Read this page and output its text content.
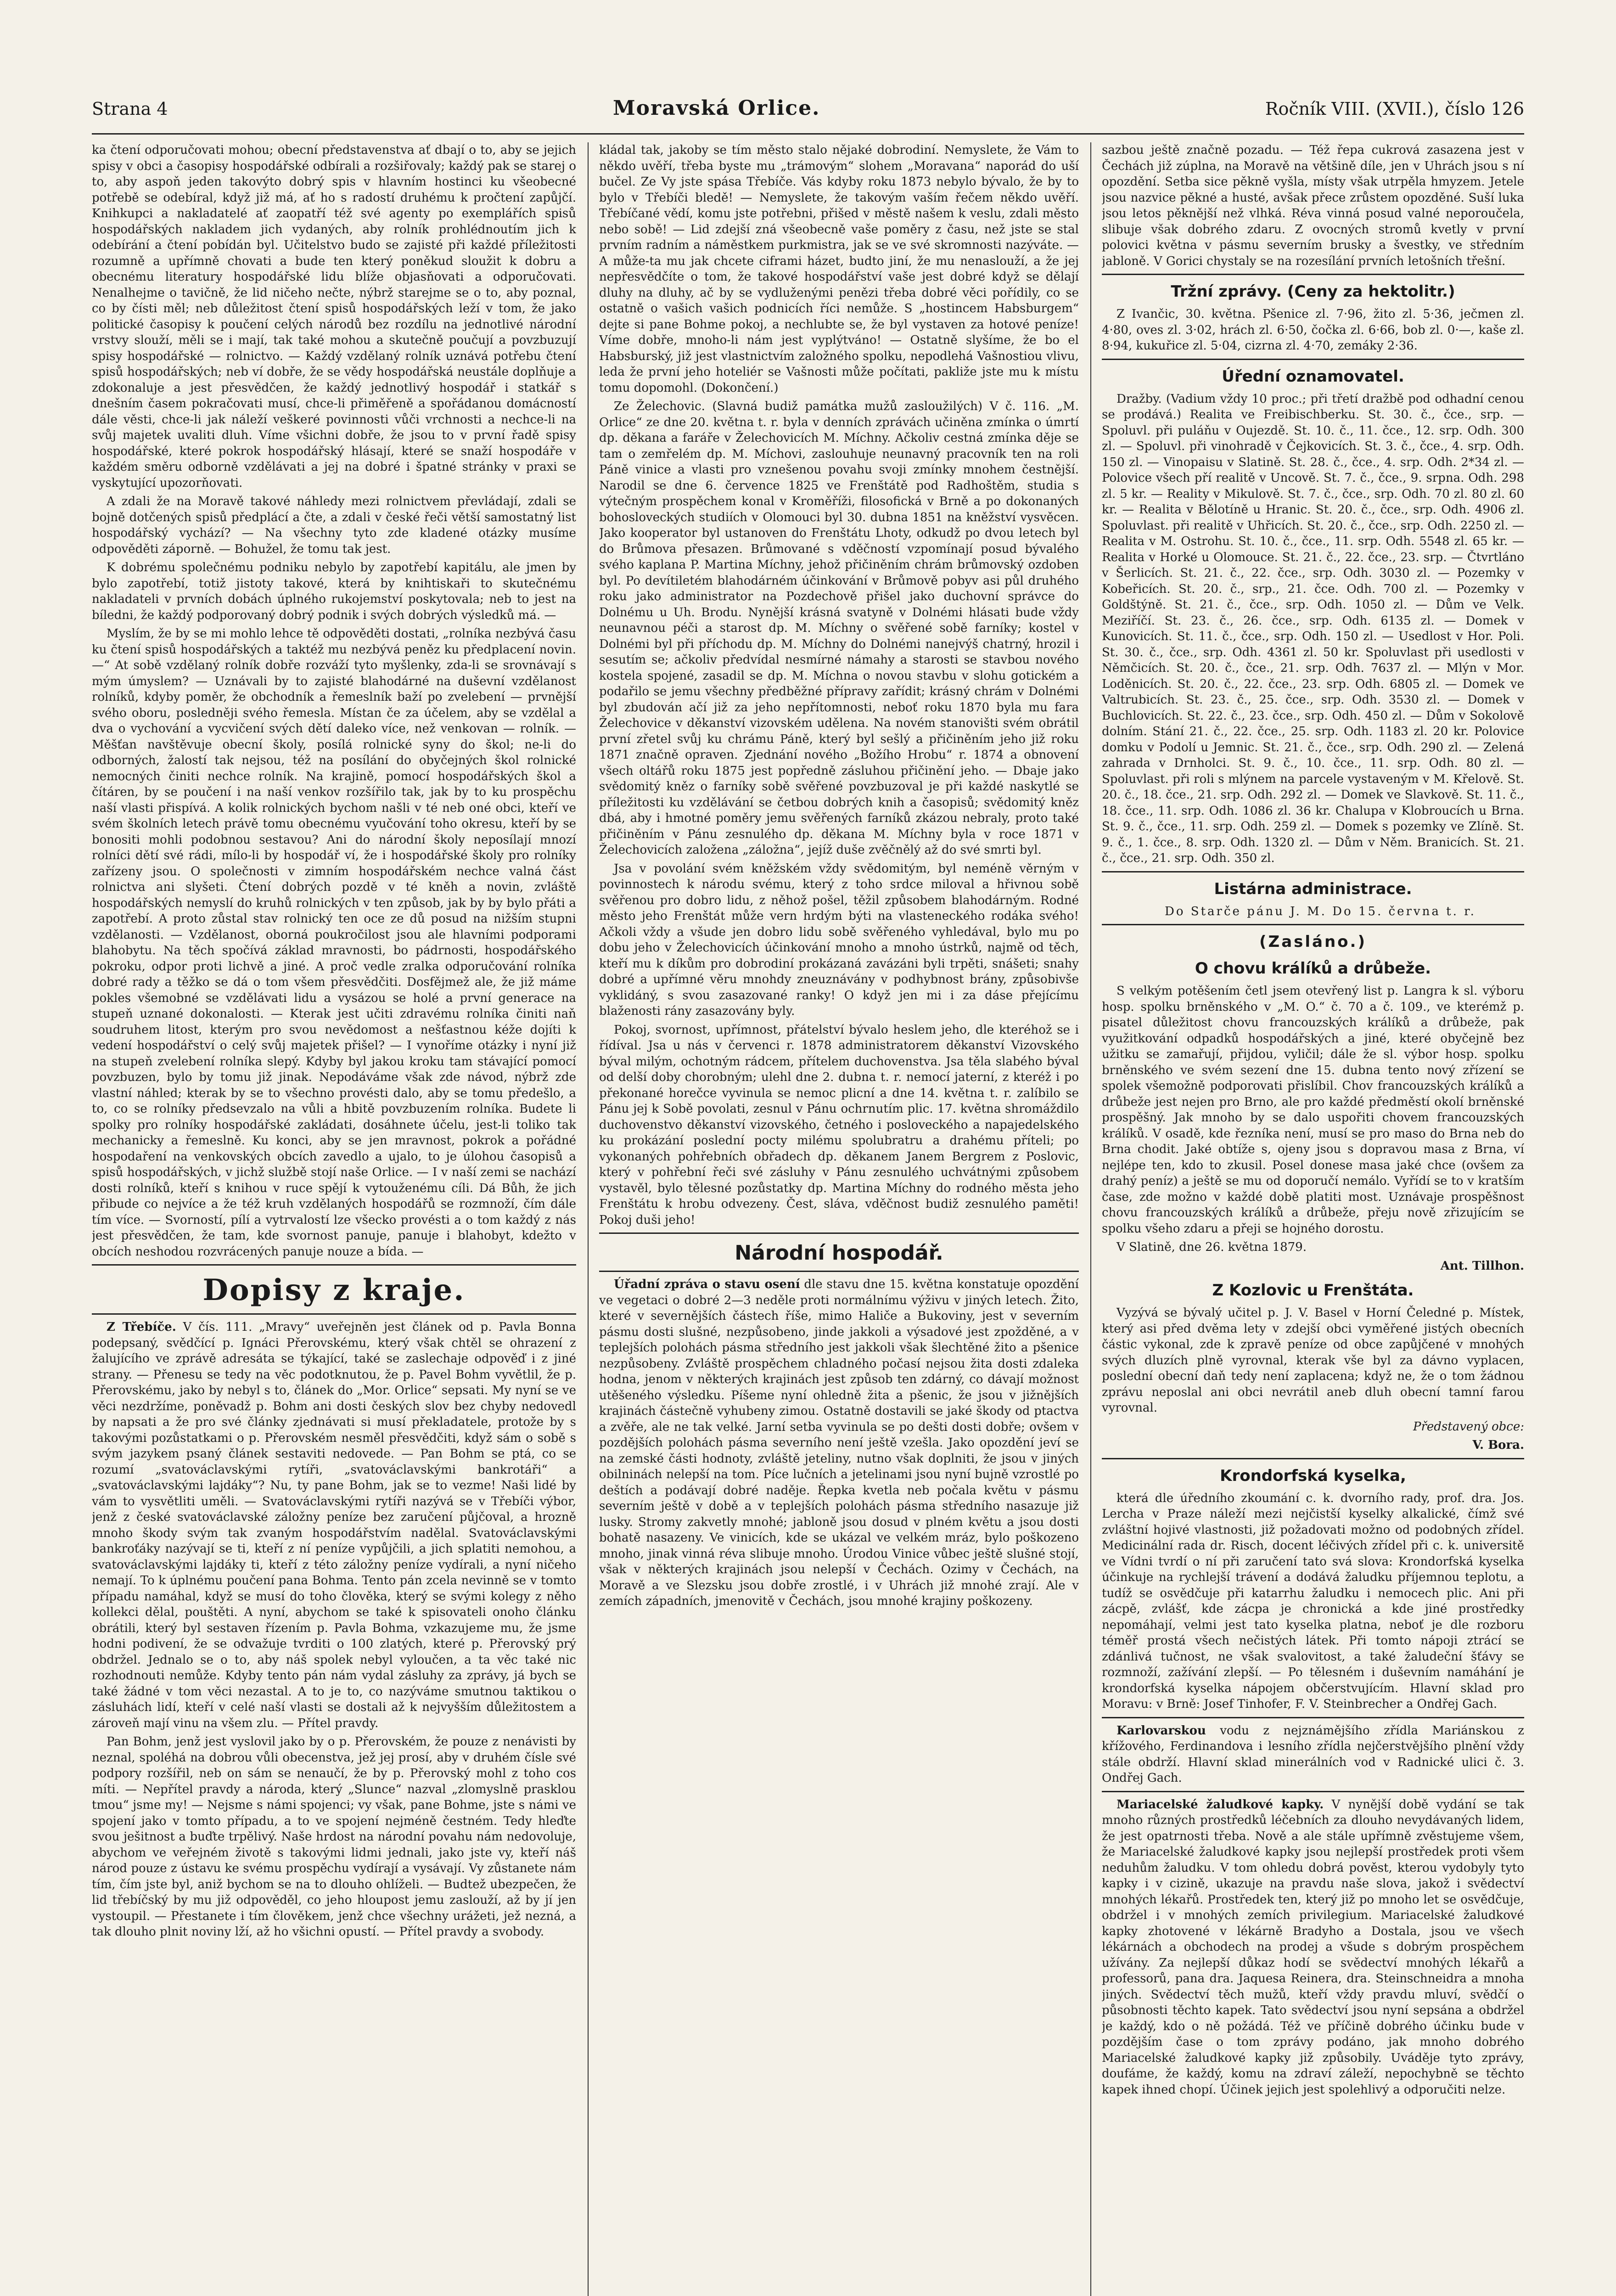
Strana 4	Moravská Orlice.	Ročník VIII. (XVII.), číslo 126

ka čtení odporučovati mohou; obecní představenstva ať dbají o to, aby se jejich spisy v obci a časopisy hospodářské odbírali a rozšiřovaly; každý pak se starej o to, aby aspoň jeden takovýto dobrý spis v hlavním hostinci ku všeobecné potřebě se odebíral, když již má, ať ho s radostí druhému k pročtení zapůjčí. Knihkupci a nakladatelé ať zaopatří též své agenty po exemplářích spisů hospodářských nakladem jich vydaných, aby rolník prohlédnoutím jich k odebírání a čtení pobídán byl. Učitelstvo budo se zajisté při každé příležitosti rozumně a upřímně chovati a bude ten který poněkud sloužit k dobru a obecnému literatury hospodářské lidu blíže objasňovati a odporučovati. Nenalhejme o tavičně, že lid ničeho nečte, nýbrž starejme se o to, aby poznal, co by čísti měl; neb důležitost čtení spisů hospodářských leží v tom, že jako politické časopisy k poučení celých národů bez rozdílu na jednotlivé národní vrstvy slouží, měli se i mají, tak také mohou a skutečně poučují a povzbuzují spisy hospodářské — rolnictvo. — Každý vzdělaný rolník uznává potřebu čtení spisů hospodářských; neb ví dobře, že se vědy hospodářská neustále doplňuje a zdokonaluje a jest přesvědčen, že každý jednotlivý hospodář i statkář s dnešním časem pokračovati musí, chce-li přiměřeně a spořádanou domácností dále věsti, chce-li jak náleží veškeré povinnosti vůči vrchnosti a nechce-li na svůj majetek uvaliti dluh. Víme všichni dobře, že jsou to v první řadě spisy hospodářské, které pokrok hospodářský hlásají, které se snaží hospodáře v každém směru odborně vzdělávati a jej na dobré i špatné stránky v praxi se vyskytující upozorňovati.

A zdali že na Moravě takové náhledy mezi rolnictvem převládají, zdali se bojně dotčených spisů předplácí a čte, a zdali v české řeči větší samostatný list hospodářský vychází? — Na všechny tyto zde kladené otázky musíme odpověděti záporně. — Bohužel, že tomu tak jest.

K dobrému společnému podniku nebylo by zapotřebí kapitálu, ale jmen by bylo zapotřebí, totiž jistoty takové, která by knihtiskaři to skutečnému nakladateli v prvních dobách úplného rukojemství poskytovala; neb to jest na bíledni, že každý podporovaný dobrý podnik i svých dobrých výsledků má. —

Myslím, že by se mi mohlo lehce tě odpověděti dostati, „rolníka nezbývá času ku čtení spisů hospodářských a taktéž mu nezbývá peněz ku předplacení novin. —“ At sobě vzdělaný rolník dobře rozváží tyto myšlenky, zda-li se srovnávají s mým úmyslem? — Uznávali by to zajisté blahodárné na duševní vzdělanost rolníků, kdyby poměr, že obchodník a řemeslník baží po zvelebení — prvnější svého oboru, posledněji svého řemesla. Místan če za účelem, aby se vzdělal a dva o vychování a vycvičení svých dětí daleko více, než venkovan — rolník. — Měšťan navštěvuje obecní školy, posílá rolnické syny do škol; ne-li do odborných, žalostí tak nejsou, též na posílání do obyčejných škol rolnické nemocných činiti nechce rolník. Na krajině, pomocí hospodářských škol a čítáren, by se poučení i na naší venkov rozšířilo tak, jak by to ku prospěchu naší vlasti přispívá. A kolik rolnických bychom našli v té neb oné obci, kteří ve svém školních letech právě tomu obecnému vyučování toho okresu, kteří by se bonositi mohli podobnou sestavou? Ani do národní školy neposílají mnozí rolníci dětí své rádi, mílo-li by hospodář ví, že i hospodářské školy pro rolníky zařízeny jsou. O společnosti v zimním hospodářském nechce valná část rolnictva ani slyšeti. Čtení dobrých pozdě v té kněh a novin, zvláště hospodářských nemyslí do kruhů rolnických v ten způsob, jak by by bylo přáti a zapotřebí. A proto zůstal stav rolnický ten oce ze dů posud na nižším stupni vzdělanosti. — Vzdělanost, oborná poukročilost jsou ale hlavními podporami blahobytu. Na těch spočívá základ mravnosti, bo pádrnosti, hospodářského pokroku, odpor proti lichvě a jiné. A proč vedle zralka odporučování rolníka dobré rady a těžko se dá o tom všem přesvědčiti. Dosfějmež ale, že již máme pokles všemobné se vzdělávati lidu a vysázou se holé a první generace na stupeň uznané dokonalosti. — Kterak jest učiti zdravému rolníka činiti naň soudruhem litost, kterým pro svou nevědomost a nešťastnou kéže dojíti k vedení hospodářství o celý svůj majetek přišel? — I vynoříme otázky i nyní již na stupeň zvelebení rolníka slepý. Kdyby byl jakou kroku tam stávající pomocí povzbuzen, bylo by tomu již jinak. Nepodáváme však zde návod, nýbrž zde vlastní náhled; kterak by se to všechno provésti dalo, aby se tomu předešlo, a to, co se rolníky předsevzalo na vůli a hbitě povzbuzením rolníka. Budete li spolky pro rolníky hospodářské zakládati, dosáhnete účelu, jest-li toliko tak mechanicky a řemeslně. Ku konci, aby se jen mravnost, pokrok a pořádné hospodaření na venkovských obcích zavedlo a ujalo, to je úlohou časopisů a spisů hospodářských, v jichž službě stojí naše Orlice. — I v naší zemi se nachází dosti rolníků, kteří s knihou v ruce spějí k vytouženému cíli. Dá Bůh, že jich přibude co nejvíce a že též kruh vzdělaných hospodářů se rozmnoží, čím dále tím více. — Svorností, pílí a vytrvalostí lze všecko provésti a o tom každý z nás jest přesvědčen, že tam, kde svornost panuje, panuje i blahobyt, kdežto v obcích neshodou rozvrácených panuje nouze a bída. —

Dopisy z kraje.

Z Třebíče. V čís. 111. „Mravy“ uveřejněn jest článek od p. Pavla Bonna podepsaný, svědčící p. Ignáci Přerovskému, který však chtěl se ohrazení z žalujícího ve zprávě adresáta se týkající, také se zaslechaje odpověď i z jiné strany. — Přenesu se tedy na věc podotknutou, že p. Pavel Bohm vyvětlil, že p. Přerovskému, jako by nebyl s to, článek do „Mor. Orlice“ sepsati. My nyní se ve věci nezdržíme, poněvadž p. Bohm ani dosti českých slov bez chyby nedovedl by napsati a že pro své články zjednávati si musí překladatele, protože by s takovými pozůstatkami o p. Přerovském nesměl přesvědčiti, když sám o sobě s svým jazykem psaný článek sestaviti nedovede. — Pan Bohm se ptá, co se rozumí „svatováclavskými rytíři, „svatováclavskými bankrotáři“ a „svatováclavskými lajdáky“? Nu, ty pane Bohm, jak se to vezme! Naši lidé by vám to vysvětliti uměli. — Svatováclavskými rytíři nazývá se v Třebíči výbor, jenž z české svatováclavské záložny peníze bez zaručení půjčoval, a hrozně mnoho škody svým tak zvaným hospodářstvím nadělal. Svatováclavskými bankroťáky nazývají se ti, kteří z ní peníze vypůjčili, a jich splatiti nemohou, a svatováclavskými lajdáky ti, kteří z této záložny peníze vydírali, a nyní ničeho nemají. To k úplnému poučení pana Bohma. Tento pán zcela nevinně se v tomto případu namáhal, když se musí do toho člověka, který se svými kolegy z něho kollekci dělal, pouštěti. A nyní, abychom se také k spisovateli onoho článku obrátili, který byl sestaven řízením p. Pavla Bohma, vzkazujeme mu, že jsme hodni podivení, že se odvažuje tvrditi o 100 zlatých, které p. Přerovský prý obdržel. Jednalo se o to, aby náš spolek nebyl vyloučen, a ta věc také nic rozhodnouti nemůže. Kdyby tento pán nám vydal zásluhy za zprávy, já bych se také žádné v tom věci nezastal. A to je to, co nazýváme smutnou taktikou o zásluhách lidí, kteří v celé naší vlasti se dostali až k nejvyšším důležitostem a zároveň mají vinu na všem zlu. — Přítel pravdy.

Pan Bohm, jenž jest vyslovil jako by o p. Přerovském, že pouze z nenávisti by neznal, spoléhá na dobrou vůli obecenstva, jež jej prosí, aby v druhém čísle své podpory rozšířil, neb on sám se nenaučí, že by p. Přerovský mohl z toho cos míti. — Nepřítel pravdy a národa, který „Slunce“ nazval „zlomyslně prasklou tmou“ jsme my! — Nejsme s námi spojenci; vy však, pane Bohme, jste s námi ve spojení jako v tomto případu, a to ve spojení nejméně čestném. Tedy hleďte svou ješitnost a buďte trpělivý. Naše hrdost na národní povahu nám nedovoluje, abychom ve veřejném životě s takovými lidmi jednali, jako jste vy, kteří náš národ pouze z ústavu ke svému prospěchu vydírají a vysávají. Vy zůstanete nám tím, čím jste byl, aniž bychom se na to dlouho ohlíželi. — Budtež ubezpečen, že lid třebíčský by mu již odpověděl, co jeho hloupost jemu zaslouží, až by jí jen vystoupil. — Přestanete i tím člověkem, jenž chce všechny urážeti, jež nezná, a tak dlouho plnit noviny lží, až ho všichni opustí. — Přítel pravdy a svobody.

kládal tak, jakoby se tím město stalo nějaké dobrodiní. Nemyslete, že Vám to někdo uvěří, třeba byste mu „trámovým“ slohem „Moravana“ naporád do uší bučel. Ze Vy jste spása Třebíče. Vás kdyby roku 1873 nebylo bývalo, že by to bylo v Třebíči bledě! — Nemyslete, že takovým vaším řečem někdo uvěří. Třebíčané vědí, komu jste potřebni, přišed v městě našem k veslu, zdali město nebo sobě! — Lid zdejší zná všeobecně vaše poměry z času, než jste se stal prvním radním a náměstkem purkmistra, jak se ve své skromnosti nazýváte. — A může-ta mu jak chcete ciframi házet, budto jiní, že mu nenaslouží, a že jej nepřesvědčíte o tom, že takové hospodářství vaše jest dobré když se dělají dluhy na dluhy, ač by se vydluženými penězi třeba dobré věci pořídily, co se ostatně o vašich vašich podnicích říci nemůže. S „hostincem Habsburgem“ dejte si pane Bohme pokoj, a nechlubte se, že byl vystaven za hotové peníze! Víme dobře, mnoho-li nám jest vyplýtváno! — Ostatně slyšíme, že bo el Habsburský, již jest vlastnictvím založného spolku, nepodlehá Vašnostiou vlivu, leda že první jeho hoteliér se Vašnosti může počítati, pakliže jste mu k místu tomu dopomohl. (Dokončení.)

Ze Želechovic. (Slavná budiž památka mužů zasloužilých) V č. 116. „M. Orlice“ ze dne 20. května t. r. byla v denních zprávách učiněna zmínka o úmrtí dp. děkana a faráře v Želechovicích M. Míchny. Ačkoliv cestná zmínka děje se tam o zemřelém dp. M. Míchovi, zaslouhuje neunavný pracovník ten na roli Páně vinice a vlasti pro vznešenou povahu svoji zmínky mnohem čestnější. Narodil se dne 6. července 1825 ve Frenštátě pod Radhoštěm, studia s výtečným prospěchem konal v Kroměříži, filosofická v Brně a po dokonaných bohosloveckých studiích v Olomouci byl 30. dubna 1851 na kněžství vysvěcen. Jako kooperator byl ustanoven do Frenštátu Lhoty, odkudž po dvou letech byl do Brůmova přesazen. Brůmované s vděčností vzpomínají posud bývalého svého kaplana P. Martina Míchny, jehož přičiněním chrám brůmovský ozdoben byl. Po devítiletém blahodárném účinkování v Brůmově pobyv asi půl druhého roku jako administrator na Pozdechově přišel jako duchovní správce do Dolnému u Uh. Brodu. Nynější krásná svatyně v Dolnémi hlásati bude vždy neunavnou péči a starost dp. M. Míchny o svěřené sobě farníky; kostel v Dolnémi byl při příchodu dp. M. Míchny do Dolnémi nanejvýš chatrný, hrozil i sesutím se; ačkoliv předvídal nesmírné námahy a starosti se stavbou nového kostela spojené, zasadil se dp. M. Míchna o novou stavbu v slohu gotickém a podařilo se jemu všechny předběžné přípravy zařídit; krásný chrám v Dolnémi byl zbudován ačí již za jeho nepřítomnosti, neboť roku 1870 byla mu fara Želechovice v děkanství vizovském udělena. Na novém stanovišti svém obrátil první zřetel svůj ku chrámu Páně, který byl sešlý a přičiněním jeho již roku 1871 značně opraven. Zjednání nového „Božího Hrobu“ r. 1874 a obnovení všech oltářů roku 1875 jest popředně zásluhou přičinění jeho. — Dbaje jako svědomitý kněz o farníky sobě svěřené povzbuzoval je při každé naskytlé se příležitosti ku vzdělávání se četbou dobrých knih a časopisů; svědomitý kněz dbá, aby i hmotné poměry jemu svěřených farníků zkázou nebraly, proto také přičiněním v Pánu zesnulého dp. děkana M. Míchny byla v roce 1871 v Želechovicích založena „záložna“, jejíž duše zvěčnělý až do své smrti byl.

Jsa v povolání svém kněžském vždy svědomitým, byl neméně věrným v povinnostech k národu svému, který z toho srdce miloval a hřivnou sobě svěřenou pro dobro lidu, z něhož pošel, těžil způsobem blahodárným. Rodné město jeho Frenštát může vern hrdým býti na vlasteneckého rodáka svého! Ačkoli vždy a všude jen dobro lidu sobě svěřeného vyhledával, bylo mu po dobu jeho v Želechovicích účinkování mnoho a mnoho ústrků, najmě od těch, kteří mu k díkům pro dobrodiní prokázaná zavázáni byli trpěti, snášeti; snahy dobré a upřímné věru mnohdy zneuznávány v podhybnost brány, způsobivše vyklidáný, s svou zasazované ranky! O když jen mi i za dáse přejícímu blaženosti rány zasazovány byly.

Pokoj, svornost, upřímnost, přátelství bývalo heslem jeho, dle kteréhož se i řídíval. Jsa u nás v červenci r. 1878 administratorem děkanství Vizovského býval milým, ochotným rádcem, přítelem duchovenstva. Jsa těla slabého býval od delší doby chorobným; ulehl dne 2. dubna t. r. nemocí jaterní, z kteréž i po překonané horečce vyvinula se nemoc plicní a dne 14. května t. r. zalíbilo se Pánu jej k Sobě povolati, zesnul v Pánu ochrnutím plic. 17. května shromáždilo duchovenstvo děkanství vizovského, četného i posloveckého a napajedelského ku prokázání poslední pocty milému spolubratru a drahému příteli; po vykonaných pohřebních obřadech dp. děkanem Janem Bergrem z Poslovic, který v pohřební řeči své zásluhy v Pánu zesnulého uchvátnými způsobem vystavěl, bylo tělesné pozůstatky dp. Martina Míchny do rodného města jeho Frenštátu k hrobu odvezeny. Čest, sláva, vděčnost budiž zesnulého paměti! Pokoj duši jeho!

Národní hospodář.

Úřadní zpráva o stavu osení dle stavu dne 15. května konstatuje opozdění ve vegetaci o dobré 2—3 neděle proti normálnímu výživu v jiných letech. Žito, které v severnějších částech říše, mimo Haliče a Bukoviny, jest v severním pásmu dosti slušné, nezpůsobeno, jinde jakkoli a výsadové jest zpožděné, a v teplejších polohách pásma středního jest jakkoli však šlechtěné žito a pšenice nezpůsobeny. Zvláště prospěchem chladného počasí nejsou žita dosti zdaleka hodna, jenom v některých krajinách jest způsob ten zdárný, co dávají možnost utěšeného výsledku. Píšeme nyní ohledně žita a pšenic, že jsou v jižnějších krajinách částečně vyhubeny zimou. Ostatně dostavili se jaké škody od ptactva a zvěře, ale ne tak velké. Jarní setba vyvinula se po dešti dosti dobře; ovšem v pozdějších polohách pásma severního není ještě vzešla. Jako opozdění jeví se na zemské části hodnoty, zvláště jeteliny, nutno však doplniti, že jsou v jiných obilninách nelepší na tom. Píce lučních a jetelinami jsou nyní bujně vzrostlé po deštích a podávají dobré naděje. Řepka kvetla neb počala květu v pásmu severním ještě v době a v teplejších polohách pásma středního nasazuje již lusky. Stromy zakvetly mnohé; jabloně jsou dosud v plném květu a jsou dosti bohatě nasazeny. Ve vinicích, kde se ukázal ve velkém mráz, bylo poškozeno mnoho, jinak vinná réva slibuje mnoho. Úrodou Vinice vůbec ještě slušné stojí, však v některých krajinách jsou nelepší v Čechách. Ozimy v Čechách, na Moravě a ve Slezsku jsou dobře zrostlé, i v Uhrách již mnohé zrají. Ale v zemích západních, jmenovitě v Čechách, jsou mnohé krajiny poškozeny.

sazbou ještě značně pozadu. — Též řepa cukrová zasazena jest v Čechách již zúplna, na Moravě na většině díle, jen v Uhrách jsou s ní opozdění. Setba sice pěkně vyšla, místy však utrpěla hmyzem. Jetele jsou nazvice pěkné a husté, avšak přece zrůstem opozděné. Suší luka jsou letos pěknější než vlhká. Réva vinná posud valné neporoučela, slibuje však dobrého zdaru. Z ovocných stromů kvetly v první polovici května v pásmu severním brusky a švestky, ve středním jabloně. V Gorici chystaly se na rozesílání prvních letošních třešní.

Tržní zprávy. (Ceny za hektolitr.)

Z Ivančic, 30. května. Pšenice zl. 7·96, žito zl. 5·36, ječmen zl. 4·80, oves zl. 3·02, hrách zl. 6·50, čočka zl. 6·66, bob zl. 0·—, kaše zl. 8·94, kukuřice zl. 5·04, cizrna zl. 4·70, zemáky 2·36.

Úřední oznamovatel.

Dražby. (Vadium vždy 10 proc.; při třetí dražbě pod odhadní cenou se prodává.) Realita ve Freibischberku. St. 30. č., čce., srp. — Spoluvl. při puláňu v Oujezdě. St. 10. č., 11. čce., 12. srp. Odh. 300 zl. — Spoluvl. při vinohradě v Čejkovicích. St. 3. č., čce., 4. srp. Odh. 150 zl. — Vinopaisu v Slatině. St. 28. č., čce., 4. srp. Odh. 2*34 zl. — Polovice všech pří realitě v Uncově. St. 7. č., čce., 9. srpna. Odh. 298 zl. 5 kr. — Reality v Mikulově. St. 7. č., čce., srp. Odh. 70 zl. 80 zl. 60 kr. — Realita v Bělotíně u Hranic. St. 20. č., čce., srp. Odh. 4906 zl. Spoluvlast. při realitě v Uhřicích. St. 20. č., čce., srp. Odh. 2250 zl. — Realita v M. Ostrohu. St. 10. č., čce., 11. srp. Odh. 5548 zl. 65 kr. — Realita v Horké u Olomouce. St. 21. č., 22. čce., 23. srp. — Čtvrtláno v Šerlicích. St. 21. č., 22. čce., srp. Odh. 3030 zl. — Pozemky v Kobeřicích. St. 20. č., srp., 21. čce. Odh. 700 zl. — Pozemky v Goldštýně. St. 21. č., čce., srp. Odh. 1050 zl. — Dům ve Velk. Meziříčí. St. 23. č., 26. čce., srp. Odh. 6135 zl. — Domek v Kunovicích. St. 11. č., čce., srp. Odh. 150 zl. — Usedlost v Hor. Poli. St. 30. č., čce., srp. Odh. 4361 zl. 50 kr. Spoluvlast při usedlosti v Němčicích. St. 20. č., čce., 21. srp. Odh. 7637 zl. — Mlýn v Mor. Loděnicích. St. 20. č., 22. čce., 23. srp. Odh. 6805 zl. — Domek ve Valtrubicích. St. 23. č., 25. čce., srp. Odh. 3530 zl. — Domek v Buchlovicích. St. 22. č., 23. čce., srp. Odh. 450 zl. — Dům v Sokolově dolním. Stání 21. č., 22. čce., 25. srp. Odh. 1183 zl. 20 kr. Polovice domku v Podolí u Jemnic. St. 21. č., čce., srp. Odh. 290 zl. — Zelená zahrada v Drnholci. St. 9. č., 10. čce., 11. srp. Odh. 80 zl. — Spoluvlast. při roli s mlýnem na parcele vystaveným v M. Křelově. St. 20. č., 18. čce., 21. srp. Odh. 292 zl. — Domek ve Slavkově. St. 11. č., 18. čce., 11. srp. Odh. 1086 zl. 36 kr. Chalupa v Klobroucích u Brna. St. 9. č., čce., 11. srp. Odh. 259 zl. — Domek s pozemky ve Zlíně. St. 9. č., 1. čce., 8. srp. Odh. 1320 zl. — Dům v Něm. Branicích. St. 21. č., čce., 21. srp. Odh. 350 zl.

Listárna administrace.

Do Starče pánu J. M. Do 15. června t. r.

(Zasláno.)
O chovu králíků a drůbeže.

S velkým potěšením četl jsem otevřený list p. Langra k sl. výboru hosp. spolku brněnského v „M. O.“ č. 70 a č. 109., ve kterémž p. pisatel důležitost chovu francouzských králíků a drůbeže, pak využitkování odpadků hospodářských a jiné, které obyčejně bez užitku se zamařují, přijdou, vyličil; dále že sl. výbor hosp. spolku brněnského ve svém sezení dne 15. dubna tento nový zřízení se spolek všemožně podporovati přislíbil. Chov francouzských králíků a drůbeže jest nejen pro Brno, ale pro každé předměstí okolí brněnské prospěšný. Jak mnoho by se dalo uspořiti chovem francouzských králíků. V osadě, kde řezníka není, musí se pro maso do Brna neb do Brna chodit. Jaké obtíže s, ojeny jsou s dopravou masa z Brna, ví nejlépe ten, kdo to zkusil. Posel donese masa jaké chce (ovšem za drahý peníz) a ještě se mu od doporučí nemálo. Vyřídí se to v kratším čase, zde možno v každé době platiti most. Uznávaje prospěšnost chovu francouzských králíků a drůbeže, přeju nově zřizujícím se spolku všeho zdaru a přeji se hojného dorostu.

V Slatině, dne 26. května 1879.

Ant. Tillhon.

Z Kozlovic u Frenštáta.

Vyzývá se bývalý učitel p. J. V. Basel v Horní Čeledné p. Místek, který asi před dvěma lety v zdejší obci vyměřené jistých obecních částic vykonal, zde k zpravě peníze od obce zapůjčené v mnohých svých dluzích plně vyrovnal, kterak vše byl za dávno vyplacen, poslední obecní daň tedy není zaplacena; když ne, že o tom žádnou zprávu neposlal ani obci nevrátil aneb dluh obecní tamní farou vyrovnal.

Představený obce:

V. Bora.

Krondorfská kyselka,

která dle úředního zkoumání c. k. dvorního rady, prof. dra. Jos. Lercha v Praze náleží mezi nejčistší kyselky alkalické, čímž své zvláštní hojivé vlastnosti, již požadovati možno od podobných zřídel. Medicinální rada dr. Risch, docent léčivých zřídel při c. k. universitě ve Vídni tvrdí o ní při zaručení tato svá slova: Krondorfská kyselka účinkuje na rychlejší trávení a dodává žaludku příjemnou teplotu, a tudíž se osvědčuje při katarrhu žaludku i nemocech plic. Ani při zácpě, zvlášť, kde zácpa je chronická a kde jiné prostředky nepomáhají, velmi jest tato kyselka platna, neboť je dle rozboru téměř prostá všech nečistých látek. Při tomto nápoji ztrácí se zdánlivá tučnost, ne však svalovitost, a také žaludeční šťávy se rozmnoží, zažívání zlepší. — Po tělesném i duševním namáhání je krondorfská kyselka nápojem občerstvujícím. Hlavní sklad pro Moravu: v Brně: Josef Tinhofer, F. V. Steinbrecher a Ondřej Gach.

Karlovarskou vodu z nejznámějšího zřídla Mariánskou z křížového, Ferdinandova i lesního zřídla nejčerstvějšího plnění vždy stále obdrží. Hlavní sklad minerálních vod v Radnické ulici č. 3. Ondřej Gach.

Mariacelské žaludkové kapky. V nynější době vydání se tak mnoho různých prostředků léčebních za dlouho nevydávaných lidem, že jest opatrnosti třeba. Nově a ale stále upřímně zvěstujeme všem, že Mariacelské žaludkové kapky jsou nejlepší prostředek proti všem neduhům žaludku. V tom ohledu dobrá pověst, kterou vydobyly tyto kapky i v cizině, ukazuje na pravdu naše slova, jakož i svědectví mnohých lékařů. Prostředek ten, který již po mnoho let se osvědčuje, obdržel i v mnohých zemích privilegium. Mariacelské žaludkové kapky zhotovené v lékárně Bradyho a Dostala, jsou ve všech lékárnách a obchodech na prodej a všude s dobrým prospěchem užívány. Za nejlepší důkaz hodí se svědectví mnohých lékařů a professorů, pana dra. Jaquesa Reinera, dra. Steinschneidra a mnoha jiných. Svědectví těch mužů, kteří vždy pravdu mluví, svědčí o působnosti těchto kapek. Tato svědectví jsou nyní sepsána a obdržel je každý, kdo o ně požádá. Též ve příčině dobrého účinku bude v pozdějším čase o tom zprávy podáno, jak mnoho dobrého Mariacelské žaludkové kapky již způsobily. Uváděje tyto zprávy, doufáme, že každý, komu na zdraví záleží, nepochybně se těchto kapek ihned chopí. Účinek jejich jest spolehlivý a odporučiti nelze.
